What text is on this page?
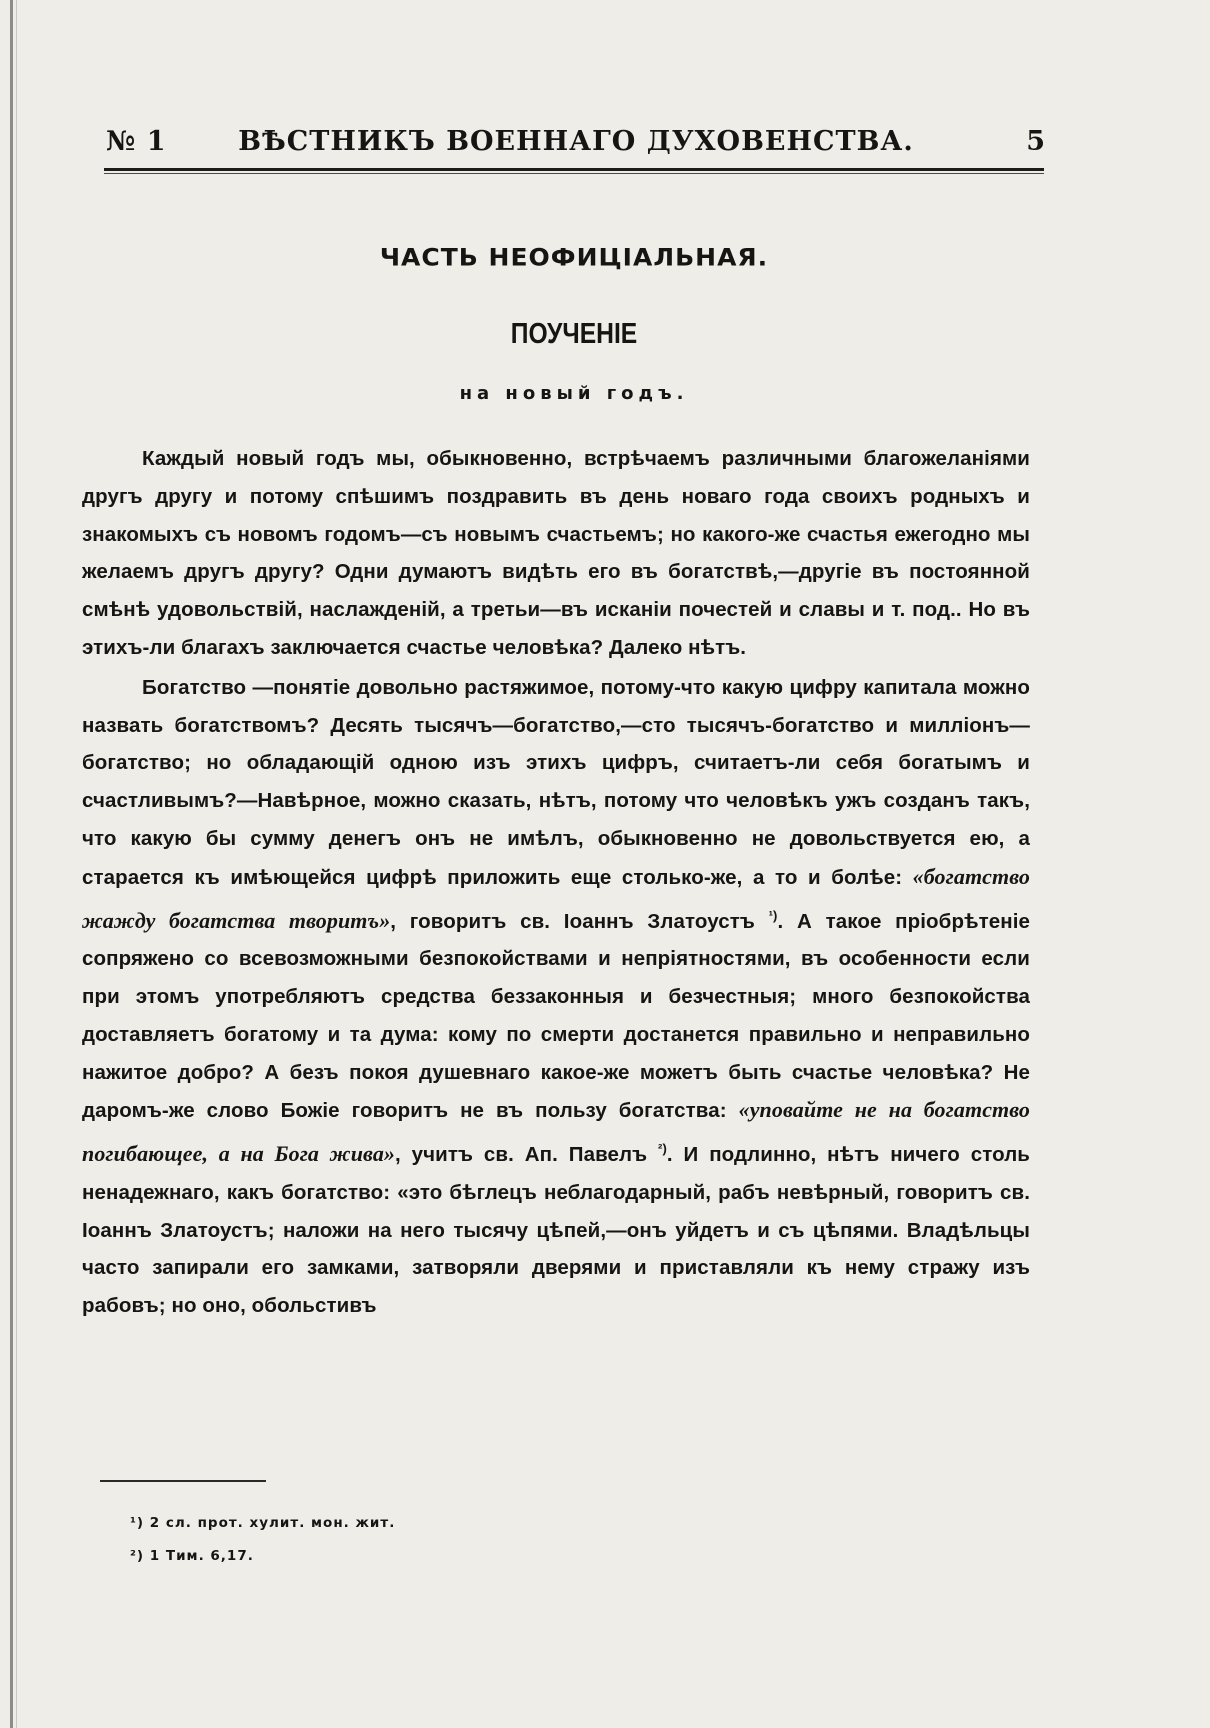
№ 1	ВѢСТНИКЪ ВОЕННАГО ДУХОВЕНСТВА.	5
ЧАСТЬ НЕОФИЦІАЛЬНАЯ.
ПОУЧЕНІЕ
на новый годъ.

Каждый новый годъ мы, обыкновенно, встрѣчаемъ различными благожеланіями другъ другу и потому спѣшимъ поздравить въ день новаго года своихъ родныхъ и знакомыхъ съ новомъ годомъ—съ новымъ счастьемъ; но какого-же счастья ежегодно мы желаемъ другъ другу? Одни думаютъ видѣть его въ богатствѣ,—другіе въ постоянной смѣнѣ удовольствій, наслажденій, а третьи—въ исканіи почестей и славы и т. под.. Но въ этихъ-ли благахъ заключается счастье человѣка? Далеко нѣтъ.

Богатство —понятіе довольно растяжимое, потому-что какую цифру капитала можно назвать богатствомъ? Десять тысячъ—богатство,—сто тысячъ-богатство и милліонъ—богатство; но обладающій одною изъ этихъ цифръ, считаетъ-ли себя богатымъ и счастливымъ?—Навѣрное, можно сказать, нѣтъ, потому что человѣкъ ужъ созданъ такъ, что какую бы сумму денегъ онъ не имѣлъ, обыкновенно не довольствуется ею, а старается къ имѣющейся цифрѣ приложить еще столько-же, а то и болѣе: «богатство жажду богатства творитъ», говоритъ св. Іоаннъ Златоустъ $^{^1)}$. А такое пріобрѣтеніе сопряжено со всевозможными безпокойствами и непріятностями, въ особенности если при этомъ употребляютъ средства беззаконныя и безчестныя; много безпокойства доставляетъ богатому и та дума: кому по смерти достанется правильно и неправильно нажитое добро? А безъ покоя душевнаго какое-же можетъ быть счастье человѣка? Не даромъ-же слово Божіе говоритъ не въ пользу богатства: «уповайте не на богатство погибающее, а на Бога жива», учитъ св. Ап. Павелъ $^{^2)}$. И подлинно, нѣтъ ничего столь ненадежнаго, какъ богатство: «это бѣглецъ неблагодарный, рабъ невѣрный, говоритъ св. Іоаннъ Златоустъ; наложи на него тысячу цѣпей,—онъ уйдетъ и съ цѣпями. Владѣльцы часто запирали его замками, затворяли дверями и приставляли къ нему стражу изъ рабовъ; но оно, обольстивъ

¹) 2 сл. прот. хулит. мон. жит.
²) 1 Тим. 6,17.
